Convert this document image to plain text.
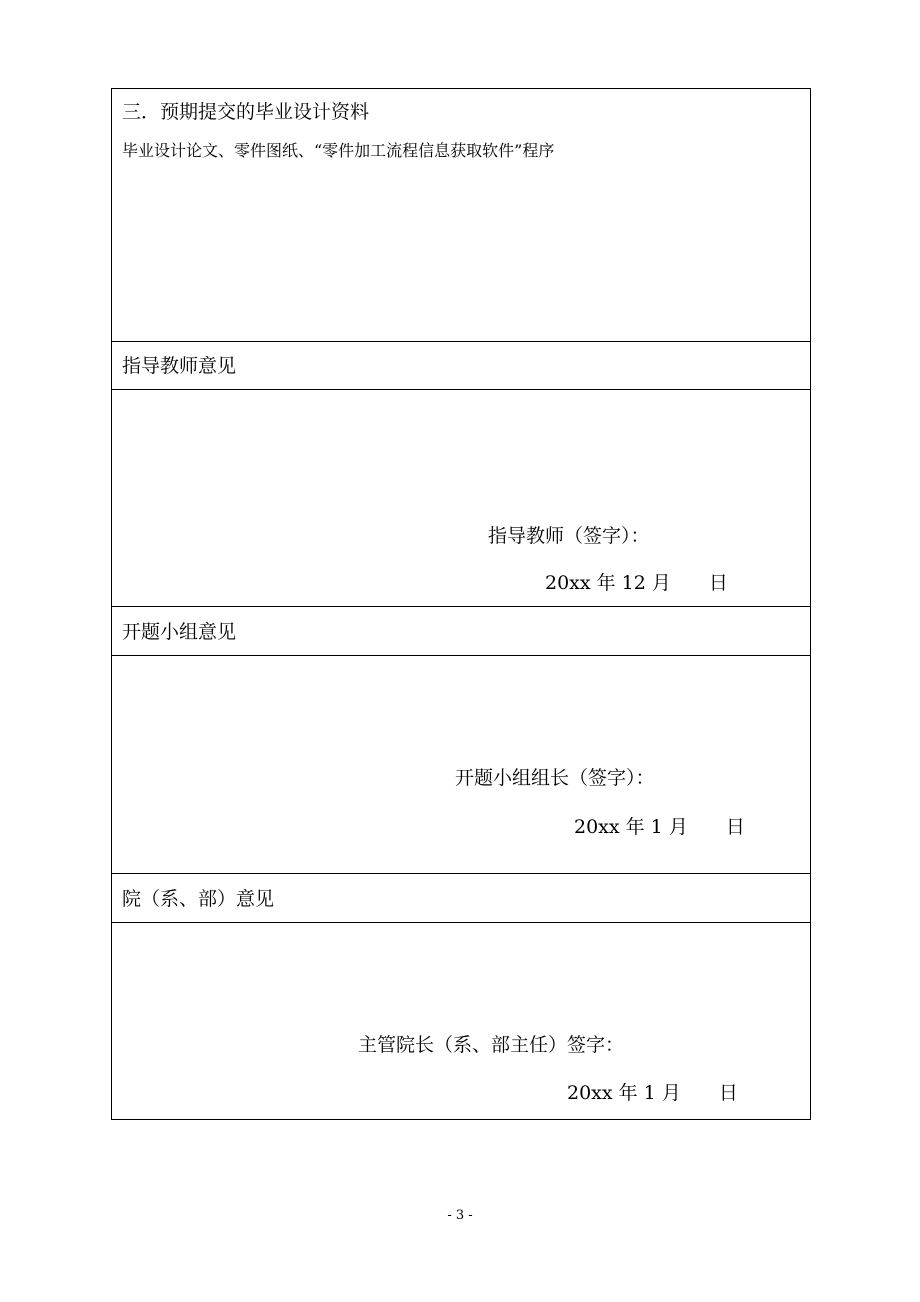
三．预期提交的毕业设计资料
毕业设计论文、零件图纸、“零件加工流程信息获取软件”程序
指导教师意见
指导教师（签字）：
20xx 年 12 月　　日
开题小组意见
开题小组组长（签字）：
20xx 年 1 月　　日
院（系、部）意见
主管院长（系、部主任）签字：
20xx 年 1 月　　日
- 3 -
